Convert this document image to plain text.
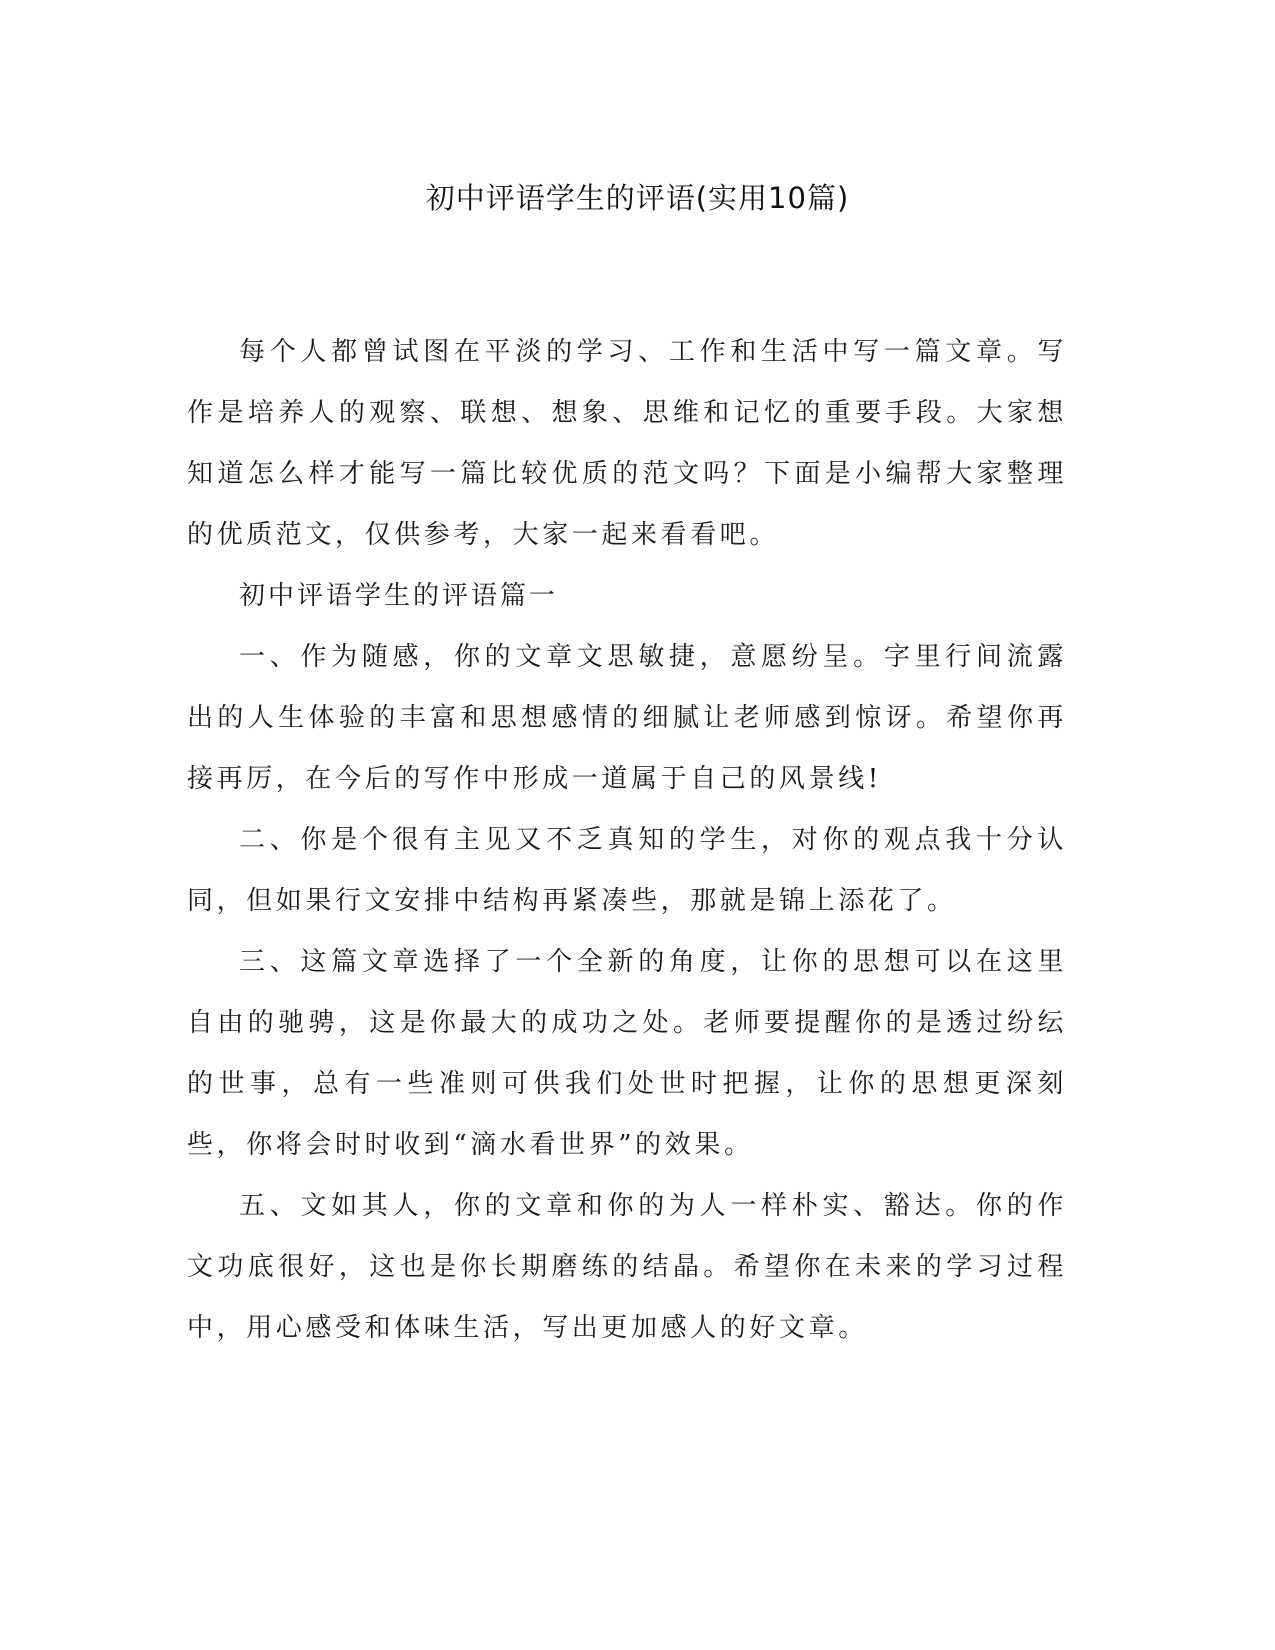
初中评语学生的评语(实用10篇)

每个人都曾试图在平淡的学习、工作和生活中写一篇文章。写作是培养人的观察、联想、想象、思维和记忆的重要手段。大家想知道怎么样才能写一篇比较优质的范文吗？下面是小编帮大家整理的优质范文，仅供参考，大家一起来看看吧。

初中评语学生的评语篇一

一、作为随感，你的文章文思敏捷，意愿纷呈。字里行间流露出的人生体验的丰富和思想感情的细腻让老师感到惊讶。希望你再接再厉，在今后的写作中形成一道属于自己的风景线!

二、你是个很有主见又不乏真知的学生，对你的观点我十分认同，但如果行文安排中结构再紧凑些，那就是锦上添花了。

三、这篇文章选择了一个全新的角度，让你的思想可以在这里自由的驰骋，这是你最大的成功之处。老师要提醒你的是透过纷纭的世事，总有一些准则可供我们处世时把握，让你的思想更深刻些，你将会时时收到“滴水看世界”的效果。

五、文如其人，你的文章和你的为人一样朴实、豁达。你的作文功底很好，这也是你长期磨练的结晶。希望你在未来的学习过程中，用心感受和体味生活，写出更加感人的好文章。
